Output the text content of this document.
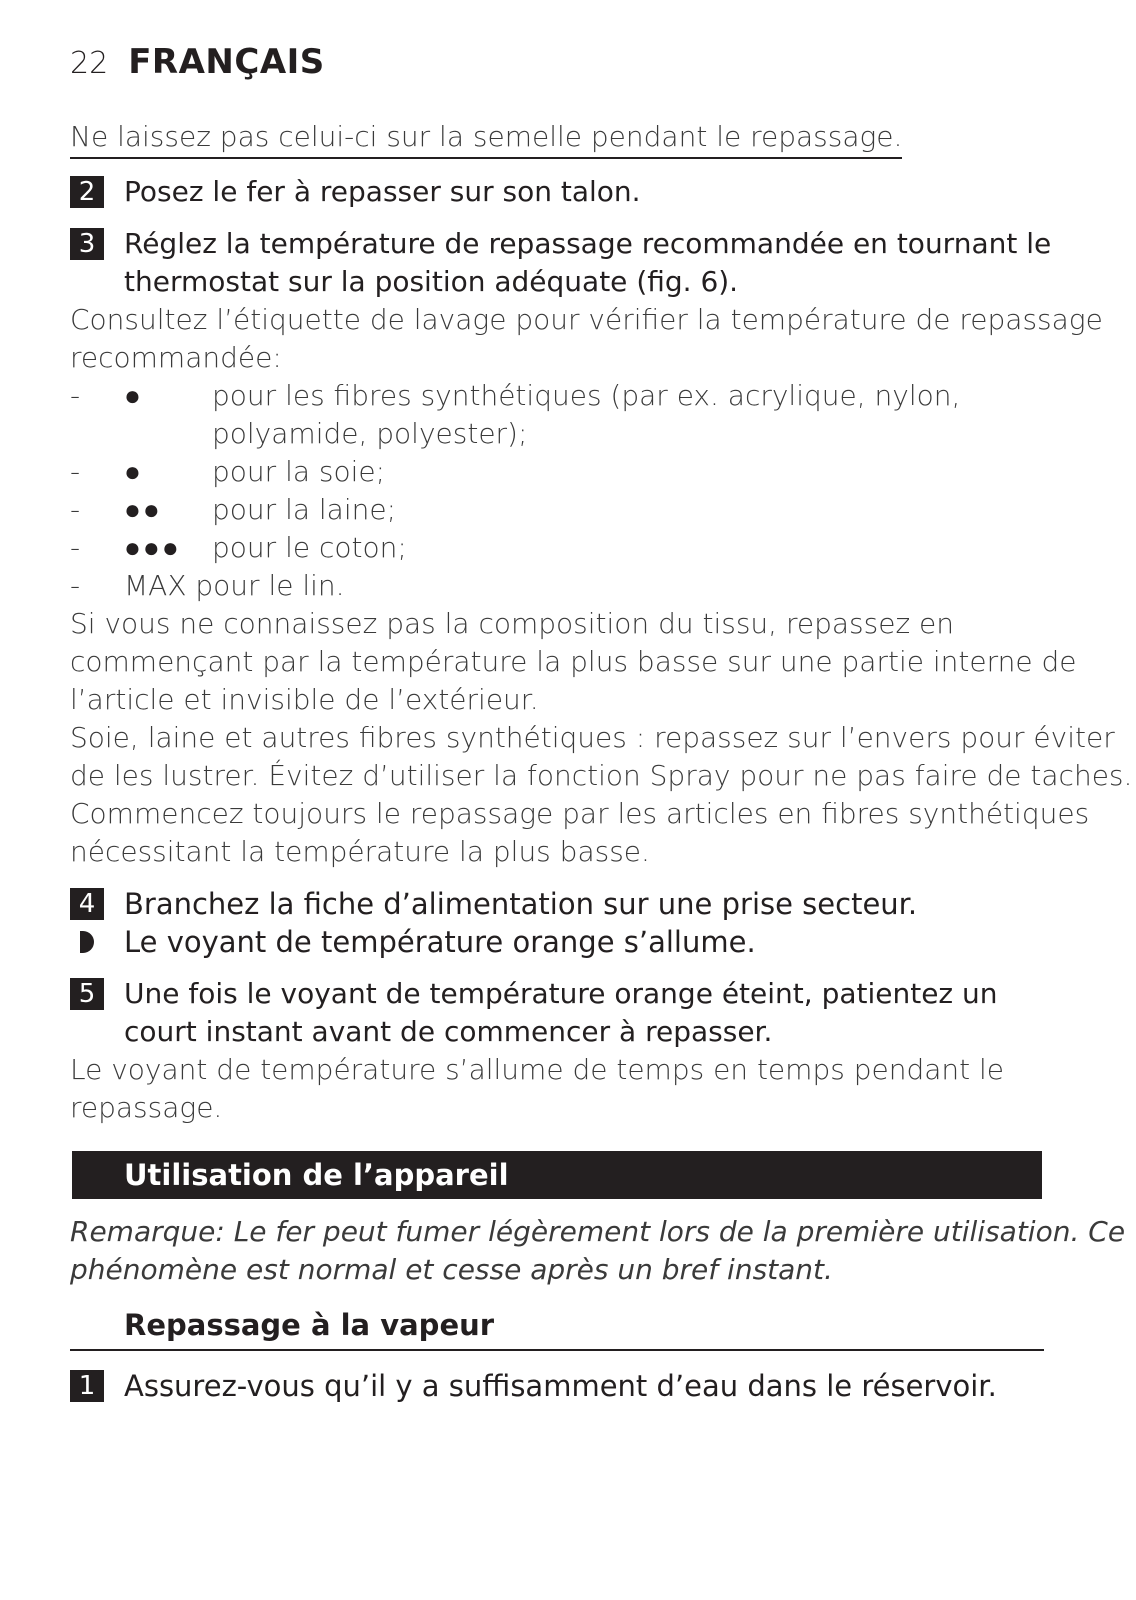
22 FRANÇAIS
Ne laissez pas celui-ci sur la semelle pendant le repassage.
2	Posez le fer à repasser sur son talon.
3	Réglez la température de repassage recommandée en tournant le
thermostat sur la position adéquate (fig. 6).
Consultez l’étiquette de lavage pour vérifier la température de repassage
recommandée:
-	●	pour les fibres synthétiques (par ex. acrylique, nylon,
polyamide, polyester);
-	●	pour la soie;
-	●●	pour la laine;
-	●●●	pour le coton;
-	MAX pour le lin.
Si vous ne connaissez pas la composition du tissu, repassez en
commençant par la température la plus basse sur une partie interne de
l’article et invisible de l’extérieur.
Soie, laine et autres fibres synthétiques : repassez sur l’envers pour éviter
de les lustrer. Évitez d’utiliser la fonction Spray pour ne pas faire de taches.
Commencez toujours le repassage par les articles en fibres synthétiques
nécessitant la température la plus basse.
4 Branchez la fiche d’alimentation sur une prise secteur.
Le voyant de température orange s’allume.
5	Une fois le voyant de température orange éteint, patientez un
court instant avant de commencer à repasser.
Le voyant de température s’allume de temps en temps pendant le
repassage.
Utilisation de l’appareil
Remarque: Le fer peut fumer légèrement lors de la première utilisation. Ce
phénomène est normal et cesse après un bref instant.
Repassage à la vapeur
1 Assurez-vous qu’il y a suffisamment d’eau dans le réservoir.
